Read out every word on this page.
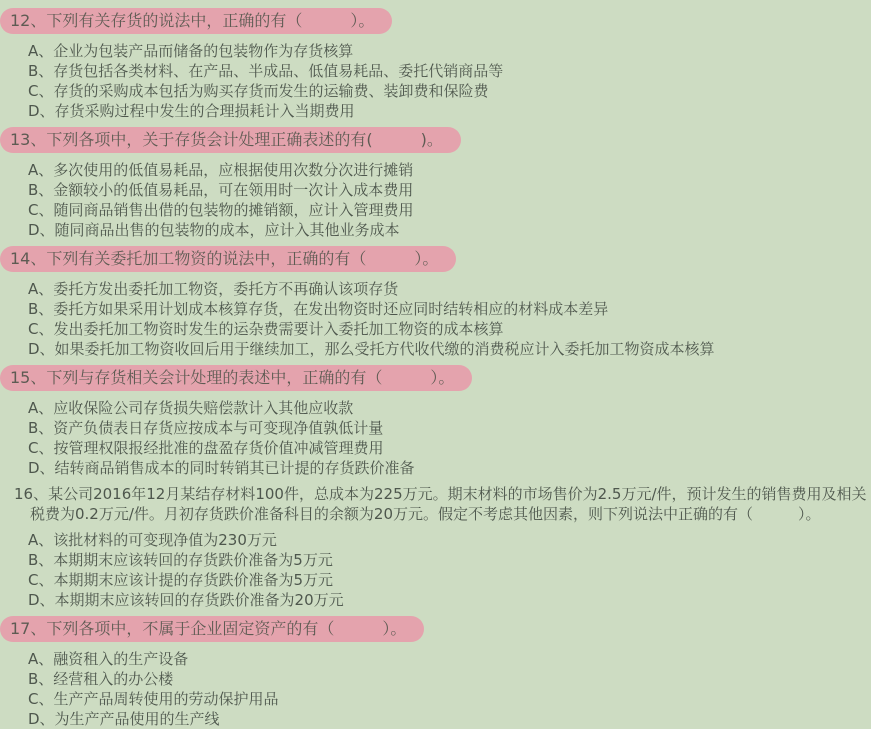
12、下列有关存货的说法中，正确的有（　　　）。
A、企业为包装产品而储备的包装物作为存货核算
B、存货包括各类材料、在产品、半成品、低值易耗品、委托代销商品等
C、存货的采购成本包括为购买存货而发生的运输费、装卸费和保险费
D、存货采购过程中发生的合理损耗计入当期费用
13、下列各项中，关于存货会计处理正确表述的有(　　　)。
A、多次使用的低值易耗品，应根据使用次数分次进行摊销
B、金额较小的低值易耗品，可在领用时一次计入成本费用
C、随同商品销售出借的包装物的摊销额，应计入管理费用
D、随同商品出售的包装物的成本，应计入其他业务成本
14、下列有关委托加工物资的说法中，正确的有（　　　）。
A、委托方发出委托加工物资，委托方不再确认该项存货
B、委托方如果采用计划成本核算存货，在发出物资时还应同时结转相应的材料成本差异
C、发出委托加工物资时发生的运杂费需要计入委托加工物资的成本核算
D、如果委托加工物资收回后用于继续加工，那么受托方代收代缴的消费税应计入委托加工物资成本核算
15、下列与存货相关会计处理的表述中，正确的有（　　　）。
A、应收保险公司存货损失赔偿款计入其他应收款
B、资产负债表日存货应按成本与可变现净值孰低计量
C、按管理权限报经批准的盘盈存货价值冲减管理费用
D、结转商品销售成本的同时转销其已计提的存货跌价准备
16、某公司2016年12月某结存材料100件，总成本为225万元。期末材料的市场售价为2.5万元/件，预计发生的销售费用及相关税费为0.2万元/件。月初存货跌价准备科目的余额为20万元。假定不考虑其他因素，则下列说法中正确的有（　　　）。
A、该批材料的可变现净值为230万元
B、本期期末应该转回的存货跌价准备为5万元
C、本期期末应该计提的存货跌价准备为5万元
D、本期期末应该转回的存货跌价准备为20万元
17、下列各项中，不属于企业固定资产的有（　　　）。
A、融资租入的生产设备
B、经营租入的办公楼
C、生产产品周转使用的劳动保护用品
D、为生产产品使用的生产线
